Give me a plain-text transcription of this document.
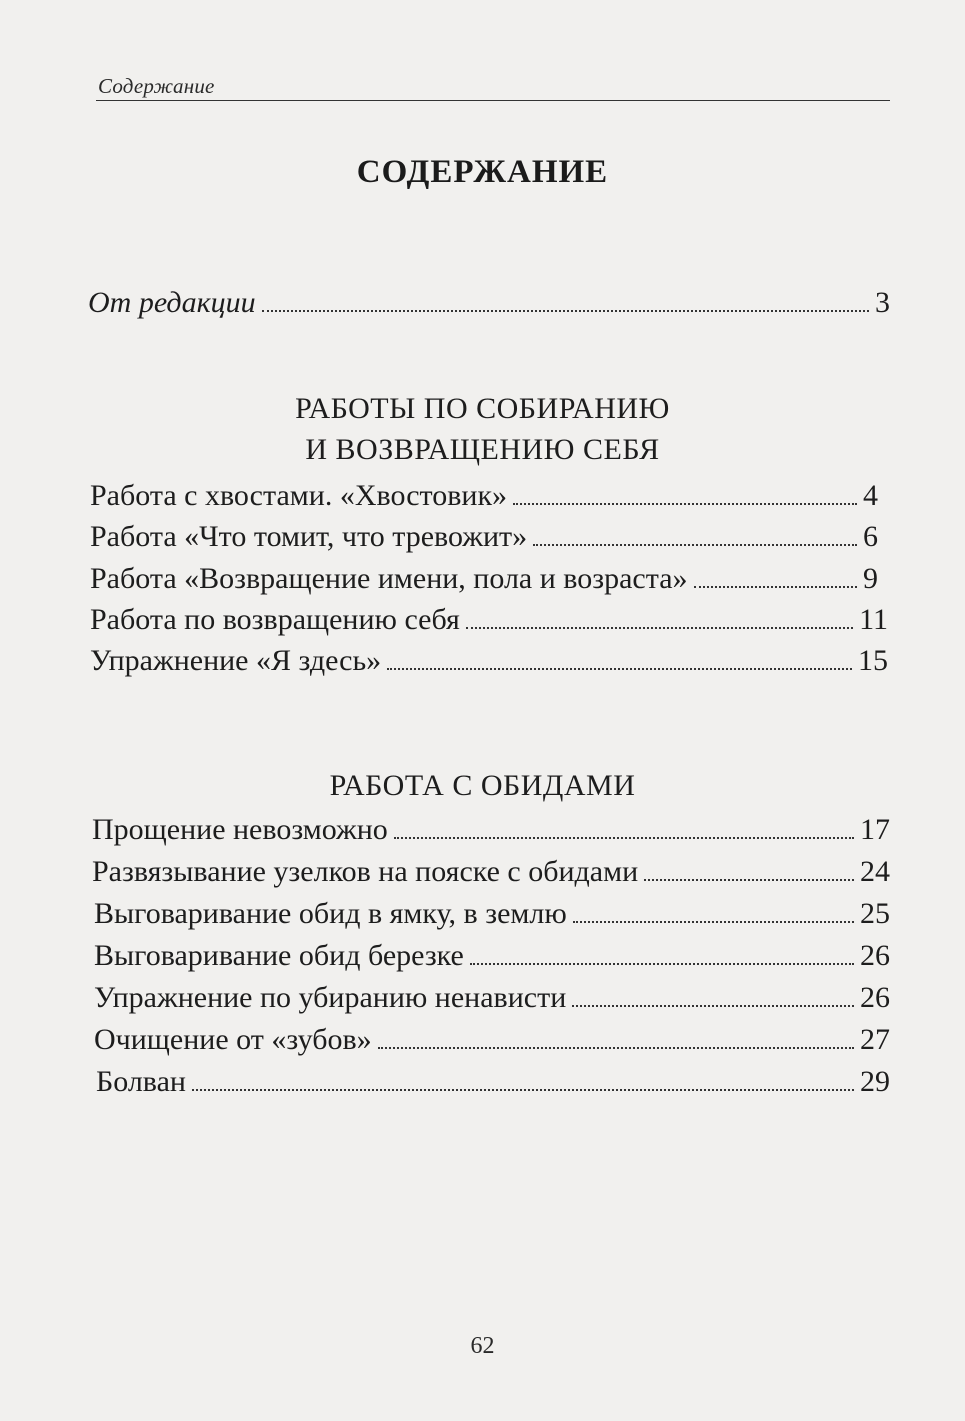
Содержание
СОДЕРЖАНИЕ
От редакции	3
РАБОТЫ ПО СОБИРАНИЮ
И ВОЗВРАЩЕНИЮ СЕБЯ
Работа с хвостами. «Хвостовик»	4
Работа «Что томит, что тревожит»	6
Работа «Возвращение имени, пола и возраста»	9
Работа по возвращению себя	11
Упражнение «Я здесь»	15
РАБОТА С ОБИДАМИ
Прощение невозможно	17
Развязывание узелков на пояске с обидами	24
Выговаривание обид в ямку, в землю	25
Выговаривание обид березке	26
Упражнение по убиранию ненависти	26
Очищение от «зубов»	27
Болван	29
62
